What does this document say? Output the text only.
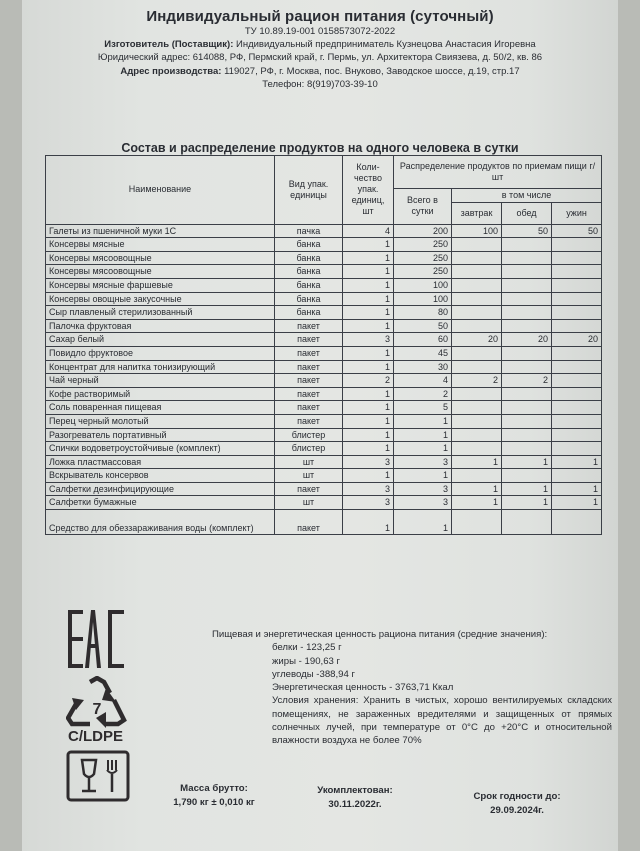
Индивидуальный рацион питания (суточный)
ТУ 10.89.19-001 0158573072-2022
Изготовитель (Поставщик): Индивидуальный предприниматель Кузнецова Анастасия Игоревна
Юридический адрес: 614088, РФ, Пермский край, г. Пермь, ул. Архитектора Свиязева, д. 50/2, кв. 86
Адрес производства: 119027, РФ, г. Москва, пос. Внуково, Заводское шоссе, д.19, стр.17
Телефон: 8(919)703-39-10
Состав и распределение продуктов на одного человека в сутки
Наименование	Вид упак. единицы	Коли-чество упак. единиц, шт	Распределение продуктов по приемам пищи г/шт			
			Всего в сутки	в том числе		
				завтрак	обед	ужин
Галеты из пшеничной муки 1С	пачка	4	200	100	50	50
Консервы мясные	банка	1	250			
Консервы мясоовощные	банка	1	250			
Консервы мясоовощные	банка	1	250			
Консервы мясные фаршевые	банка	1	100			
Консервы овощные закусочные	банка	1	100			
Сыр плавленый стерилизованный	банка	1	80			
Палочка фруктовая	пакет	1	50			
Сахар белый	пакет	3	60	20	20	20
Повидло фруктовое	пакет	1	45			
Концентрат для напитка тонизирующий	пакет	1	30			
Чай черный	пакет	2	4	2	2	
Кофе растворимый	пакет	1	2			
Соль поваренная пищевая	пакет	1	5			
Перец черный молотый	пакет	1	1			
Разогреватель портативный	блистер	1	1			
Спички водоветроустойчивые (комплект)	блистер	1	1			
Ложка пластмассовая	шт	3	3	1	1	1
Вскрыватель консервов	шт	1	1			
Салфетки дезинфицирующие	пакет	3	3	1	1	1
Салфетки бумажные	шт	3	3	1	1	1
Средство для обеззараживания воды (комплект)	пакет	1	1			
7
C/LDPE
Пищевая и энергетическая ценность рациона питания (средние значения):
белки - 123,25 г
жиры - 190,63 г
углеводы -388,94 г
Энергетическая ценность - 3763,71 Ккал
Условия хранения: Хранить в чистых, хорошо вентилируемых складских помещениях, не зараженных вредителями и защищенных от прямых солнечных лучей, при температуре от 0°С до +20°С и относительной влажности воздуха не более 70%
Масса брутто:
1,790 кг ± 0,010 кг
Укомплектован:
30.11.2022г.
Срок годности до:
29.09.2024г.
